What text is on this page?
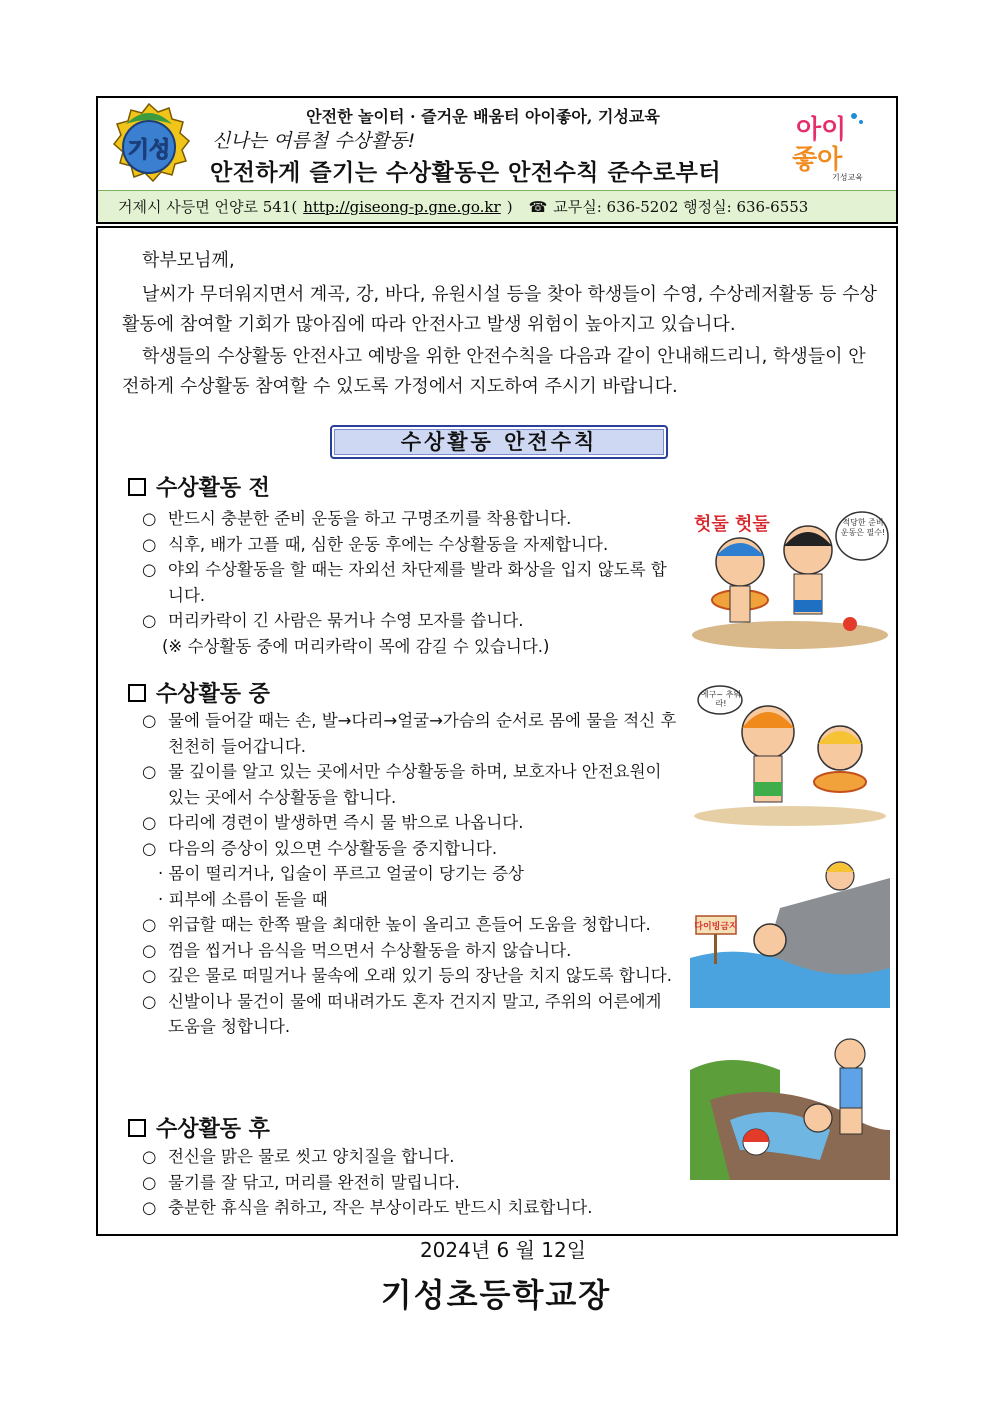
기성
안전한 놀이터 · 즐거운 배움터 아이좋아, 기성교육
신나는 여름철 수상활동!
안전하게 즐기는 수상활동은 안전수칙 준수로부터
아이
좋아
기성교육
거제시 사등면 언양로 541( http://giseong-p.gne.go.kr ) ☎ 교무실: 636-5202 행정실: 636-6553
학부모님께,
날씨가 무더워지면서 계곡, 강, 바다, 유원시설 등을 찾아 학생들이 수영, 수상레저활동 등 수상활동에 참여할 기회가 많아짐에 따라 안전사고 발생 위험이 높아지고 있습니다.
학생들의 수상활동 안전사고 예방을 위한 안전수칙을 다음과 같이 안내해드리니, 학생들이 안전하게 수상활동 참여할 수 있도록 가정에서 지도하여 주시기 바랍니다.
수상활동 안전수칙
수상활동 전
○ 반드시 충분한 준비 운동을 하고 구명조끼를 착용합니다.
○ 식후, 배가 고플 때, 심한 운동 후에는 수상활동을 자제합니다.
○ 야외 수상활동을 할 때는 자외선 차단제를 발라 화상을 입지 않도록 합니다.
○ 머리카락이 긴 사람은 묶거나 수영 모자를 씁니다.
(※ 수상활동 중에 머리카락이 목에 감길 수 있습니다.)
수상활동 중
○ 물에 들어갈 때는 손, 발→다리→얼굴→가슴의 순서로 몸에 물을 적신 후 천천히 들어갑니다.
○ 물 깊이를 알고 있는 곳에서만 수상활동을 하며, 보호자나 안전요원이 있는 곳에서 수상활동을 합니다.
○ 다리에 경련이 발생하면 즉시 물 밖으로 나옵니다.
○ 다음의 증상이 있으면 수상활동을 중지합니다.
· 몸이 떨리거나, 입술이 푸르고 얼굴이 당기는 증상
· 피부에 소름이 돋을 때
○ 위급할 때는 한쪽 팔을 최대한 높이 올리고 흔들어 도움을 청합니다.
○ 껌을 씹거나 음식을 먹으면서 수상활동을 하지 않습니다.
○ 깊은 물로 떠밀거나 물속에 오래 있기 등의 장난을 치지 않도록 합니다.
○ 신발이나 물건이 물에 떠내려가도 혼자 건지지 말고, 주위의 어른에게 도움을 청합니다.
수상활동 후
○ 전신을 맑은 물로 씻고 양치질을 합니다.
○ 물기를 잘 닦고, 머리를 완전히 말립니다.
○ 충분한 휴식을 취하고, 작은 부상이라도 반드시 치료합니다.
헛둘 헛둘	적당한 준비 운동은 필수!
에구~ 추워라!
다이빙금지
2024년 6 월 12일
기성초등학교장
